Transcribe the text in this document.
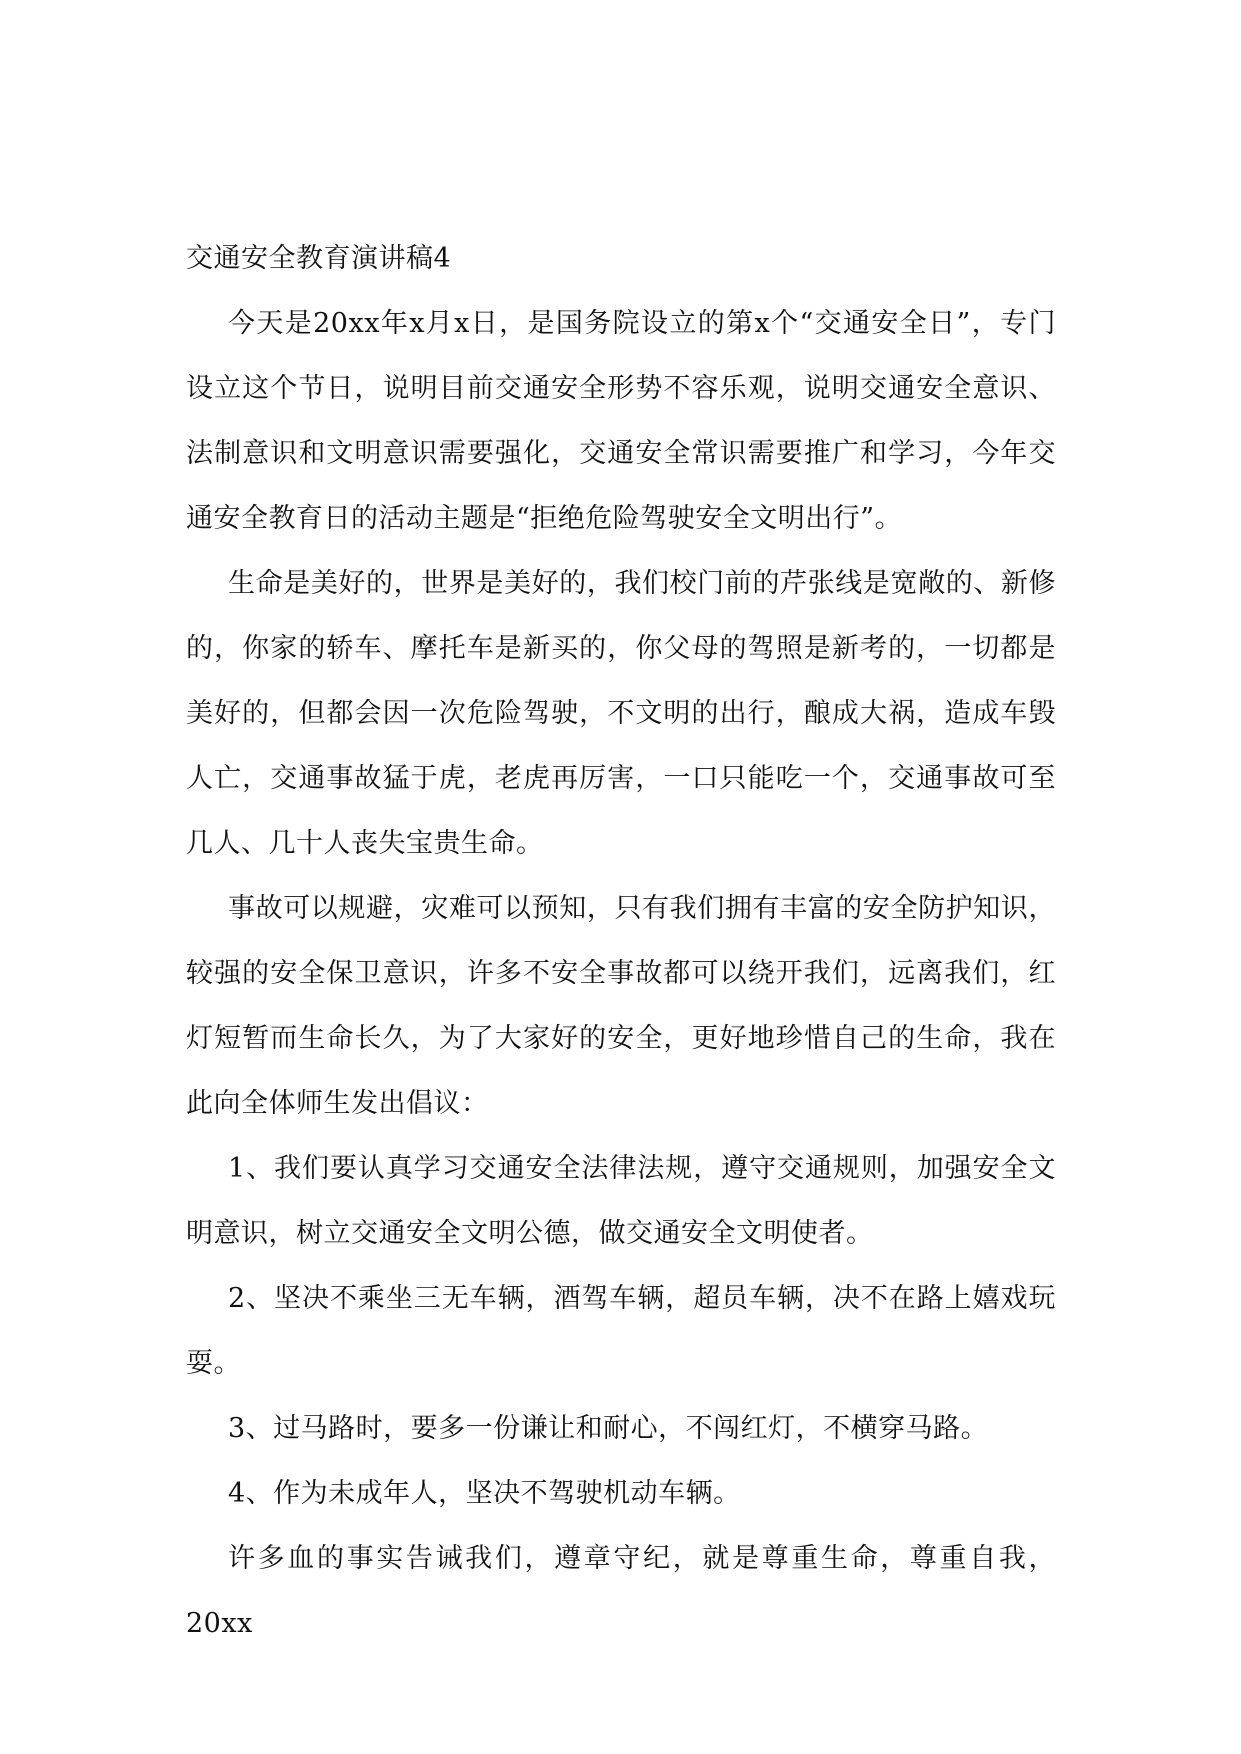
交通安全教育演讲稿4

今天是20xx年x月x日，是国务院设立的第x个“交通安全日”，专门设立这个节日，说明目前交通安全形势不容乐观，说明交通安全意识、法制意识和文明意识需要强化，交通安全常识需要推广和学习，今年交通安全教育日的活动主题是“拒绝危险驾驶安全文明出行”。

生命是美好的，世界是美好的，我们校门前的芹张线是宽敞的、新修的，你家的轿车、摩托车是新买的，你父母的驾照是新考的，一切都是美好的，但都会因一次危险驾驶，不文明的出行，酿成大祸，造成车毁人亡，交通事故猛于虎，老虎再厉害，一口只能吃一个，交通事故可至几人、几十人丧失宝贵生命。

事故可以规避，灾难可以预知，只有我们拥有丰富的安全防护知识，较强的安全保卫意识，许多不安全事故都可以绕开我们，远离我们，红灯短暂而生命长久，为了大家好的安全，更好地珍惜自己的生命，我在此向全体师生发出倡议：

1、我们要认真学习交通安全法律法规，遵守交通规则，加强安全文明意识，树立交通安全文明公德，做交通安全文明使者。

2、坚决不乘坐三无车辆，酒驾车辆，超员车辆，决不在路上嬉戏玩耍。

3、过马路时，要多一份谦让和耐心，不闯红灯，不横穿马路。

4、作为未成年人，坚决不驾驶机动车辆。

许多血的事实告诫我们，遵章守纪，就是尊重生命，尊重自我，20xx
